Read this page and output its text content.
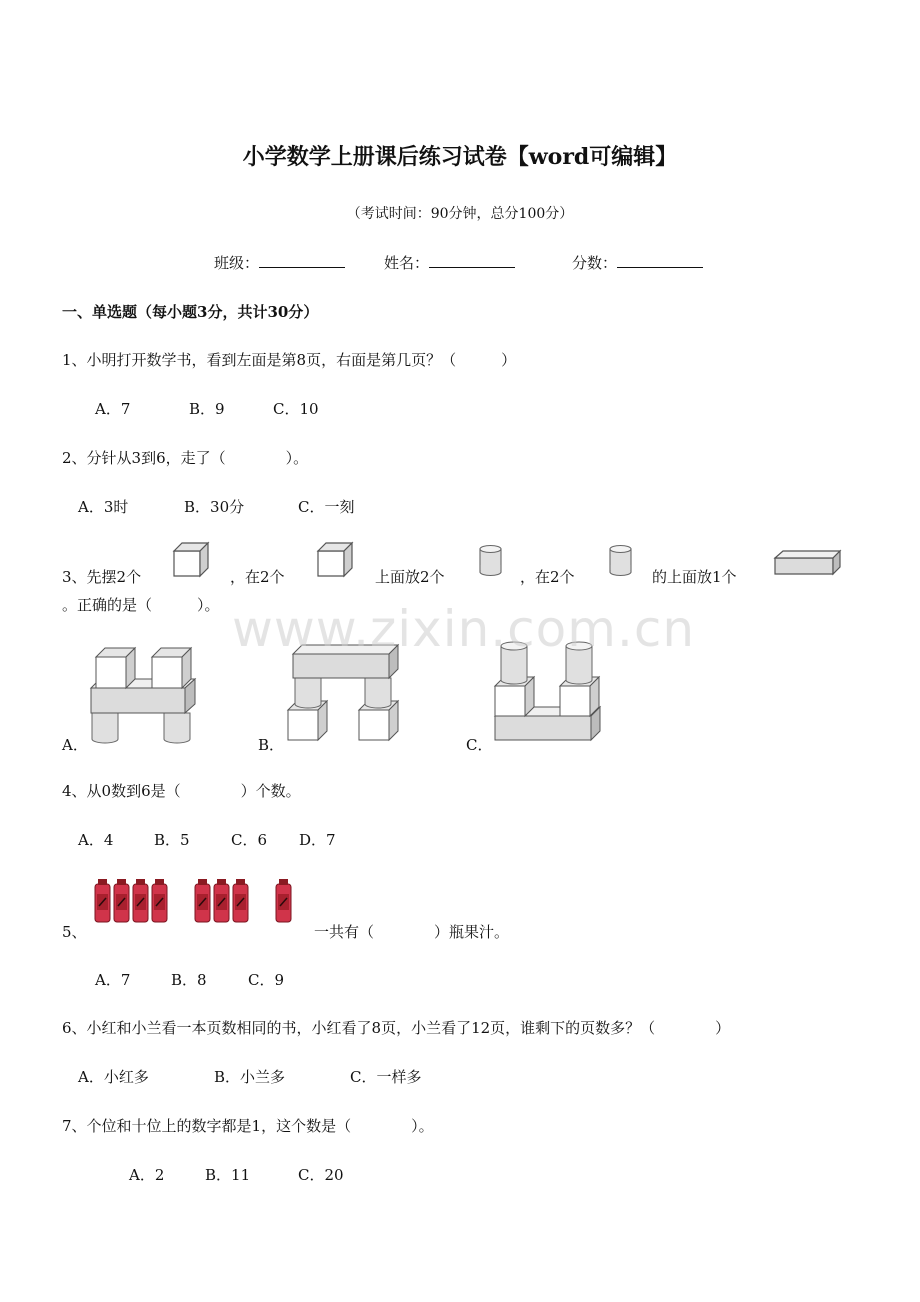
小学数学上册课后练习试卷【word可编辑】
（考试时间：90分钟，总分100分）
班级：	姓名：	分数：
一、单选题（每小题3分，共计30分）
1、小明打开数学书，看到左面是第8页，右面是第几页？（　　　）
A．7	B．9	C．10
2、分针从3到6，走了（　　　　）。
A．3时	B．30分	C．一刻
3、先摆2个	，在2个	上面放2个	，在2个	的上面放1个
。正确的是（　　　）。
A．	B．	C．
4、从0数到6是（　　　　）个数。
A．4	B．5	C．6 D．7
5、	一共有（　　　　）瓶果汁。
A．7	B．8	C．9
6、小红和小兰看一本页数相同的书，小红看了8页，小兰看了12页，谁剩下的页数多？（　　　　）
A．小红多	B．小兰多	C．一样多
7、个位和十位上的数字都是1，这个数是（　　　　）。
A．2	B．11	C．20
www.zixin.com.cn
